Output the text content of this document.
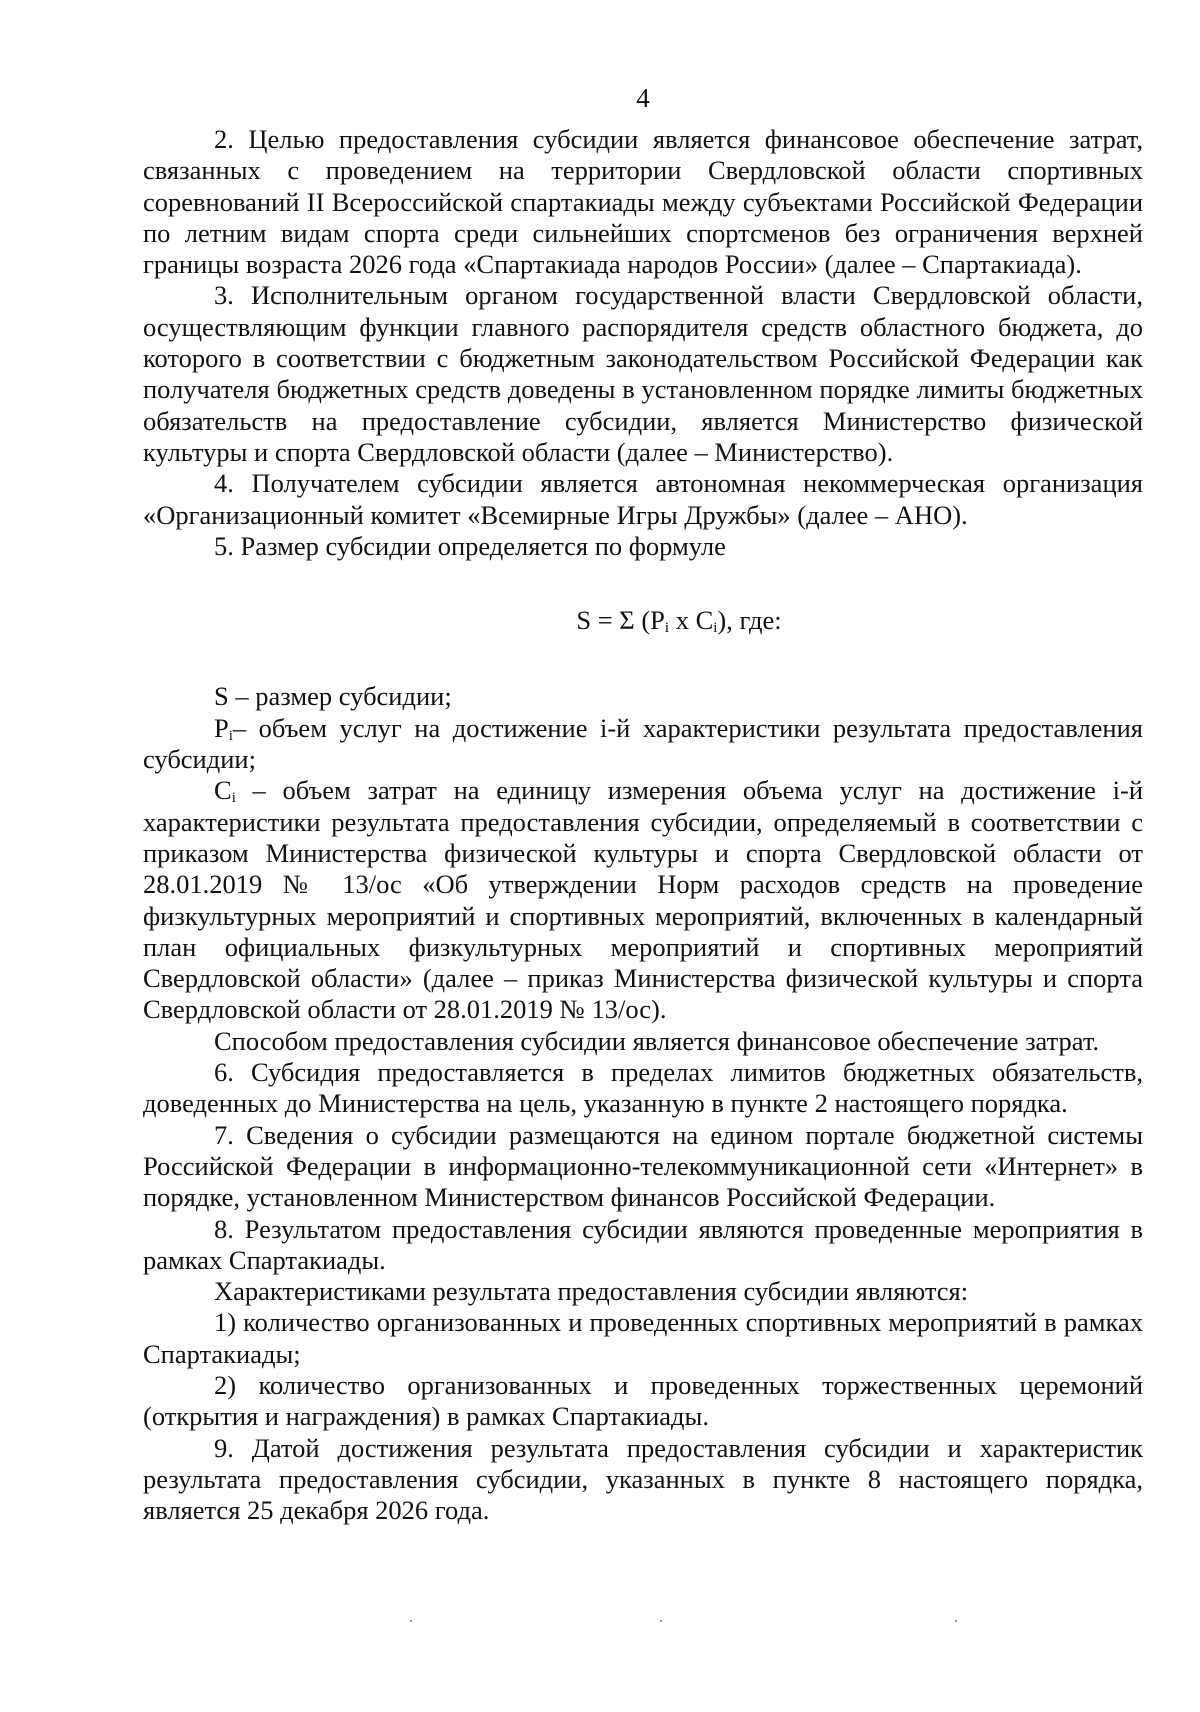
4

2. Целью предоставления субсидии является финансовое обеспечение затрат, связанных с проведением на территории Свердловской области спортивных соревнований II Всероссийской спартакиады между субъектами Российской Федерации по летним видам спорта среди сильнейших спортсменов без ограничения верхней границы возраста 2026 года «Спартакиада народов России» (далее – Спартакиада).

3. Исполнительным органом государственной власти Свердловской области, осуществляющим функции главного распорядителя средств областного бюджета, до которого в соответствии с бюджетным законодательством Российской Федерации как получателя бюджетных средств доведены в установленном порядке лимиты бюджетных обязательств на предоставление субсидии, является Министерство физической культуры и спорта Свердловской области (далее – Министерство).

4. Получателем субсидии является автономная некоммерческая организация «Организационный комитет «Всемирные Игры Дружбы» (далее – АНО).

5. Размер субсидии определяется по формуле

S = Σ ($P_i$ x $C_i$), где:

S – размер субсидии;

$P_i-$ объем услуг на достижение i-й характеристики результата предоставления субсидии;

$C_i$ – объем затрат на единицу измерения объема услуг на достижение i-й характеристики результата предоставления субсидии, определяемый в соответствии с приказом Министерства физической культуры и спорта Свердловской области от 28.01.2019 № 13/ос «Об утверждении Норм расходов средств на проведение физкультурных мероприятий и спортивных мероприятий, включенных в календарный план официальных физкультурных мероприятий и спортивных мероприятий Свердловской области» (далее – приказ Министерства физической культуры и спорта Свердловской области от 28.01.2019 № 13/ос).

Способом предоставления субсидии является финансовое обеспечение затрат.

6. Субсидия предоставляется в пределах лимитов бюджетных обязательств, доведенных до Министерства на цель, указанную в пункте 2 настоящего порядка.

7. Сведения о субсидии размещаются на едином портале бюджетной системы Российской Федерации в информационно-телекоммуникационной сети «Интернет» в порядке, установленном Министерством финансов Российской Федерации.

8. Результатом предоставления субсидии являются проведенные мероприятия в рамках Спартакиады.

Характеристиками результата предоставления субсидии являются:

1) количество организованных и проведенных спортивных мероприятий в рамках Спартакиады;

2) количество организованных и проведенных торжественных церемоний (открытия и награждения) в рамках Спартакиады.

9. Датой достижения результата предоставления субсидии и характеристик результата предоставления субсидии, указанных в пункте 8 настоящего порядка, является 25 декабря 2026 года.
